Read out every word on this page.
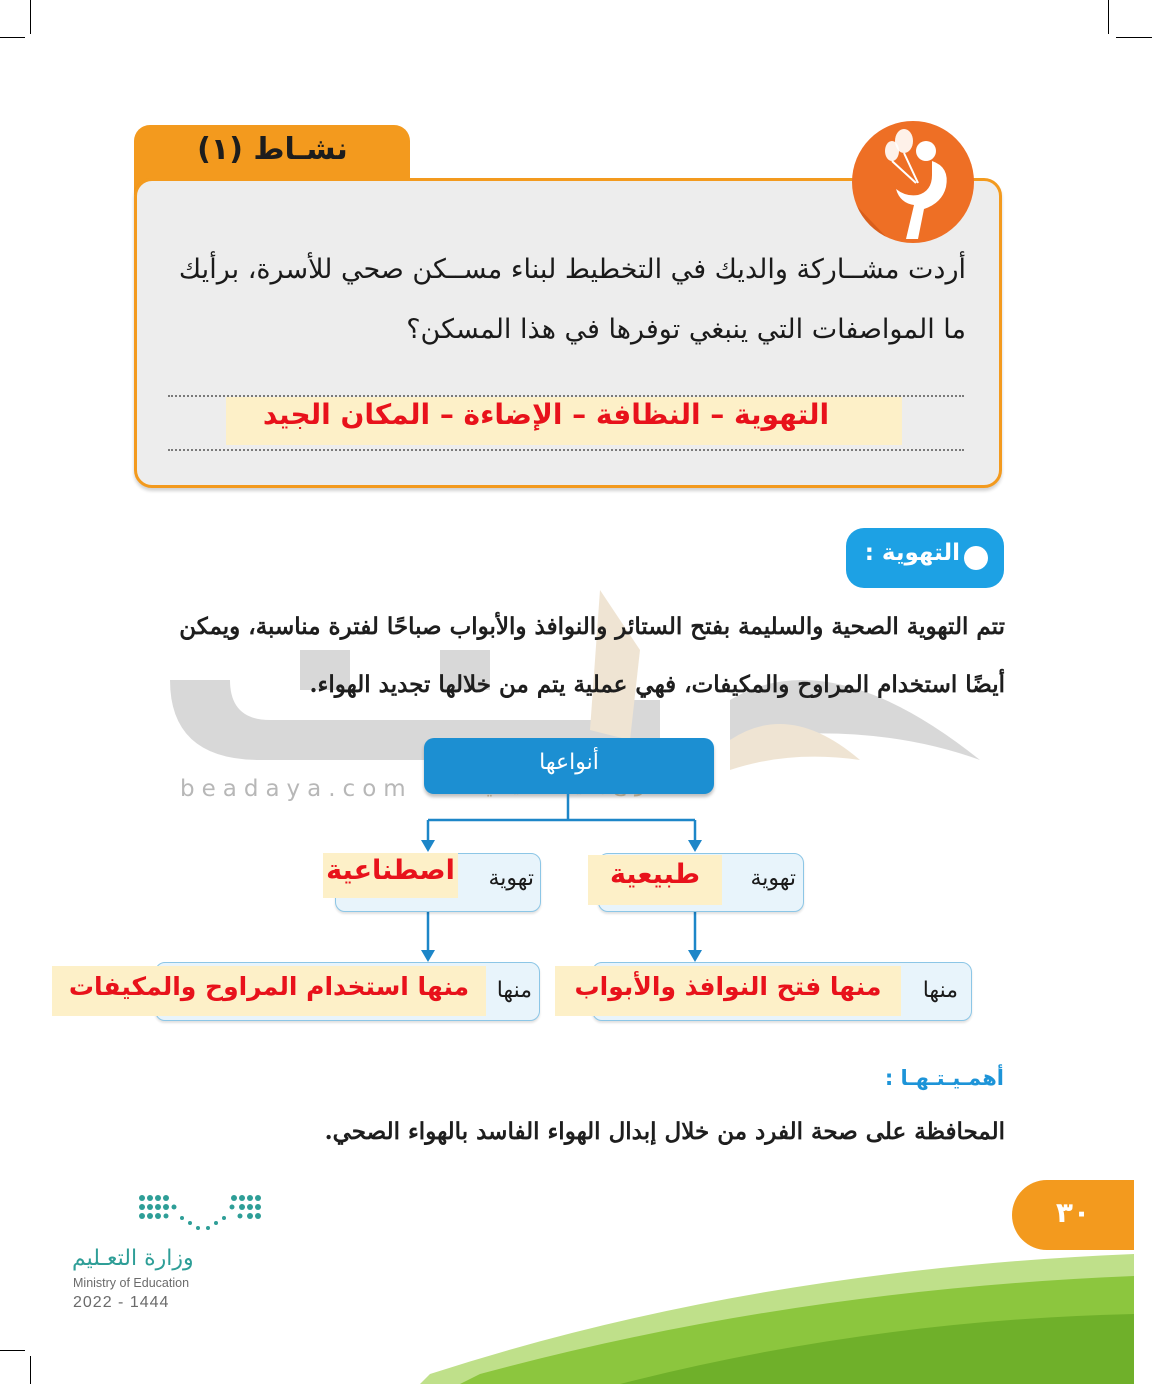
نشـاط (١)
أردت مشــاركة والديك في التخطيط لبناء مســكن صحي للأسرة، برأيك ما المواصفات التي ينبغي توفرها في هذا المسكن؟
التهوية – النظافة – الإضاءة – المكان الجيد
التهوية :
beadaya.com
تتم التهوية الصحية والسليمة بفتح الستائر والنوافذ والأبواب صباحًا لفترة مناسبة، ويمكن أيضًا استخدام المراوح والمكيفات، فهي عملية يتم من خلالها تجديد الهواء.
أنواعها
تهوية
اصطناعية	تهوية
طبيعية
منها
منها استخدام المراوح والمكيفات	منها
منها فتح النوافذ والأبواب
أهمـيـتـهـا :
المحافظة على صحة الفرد من خلال إبدال الهواء الفاسد بالهواء الصحي.
٣٠
وزارة التعـليم
Ministry of Education
2022 - 1444
